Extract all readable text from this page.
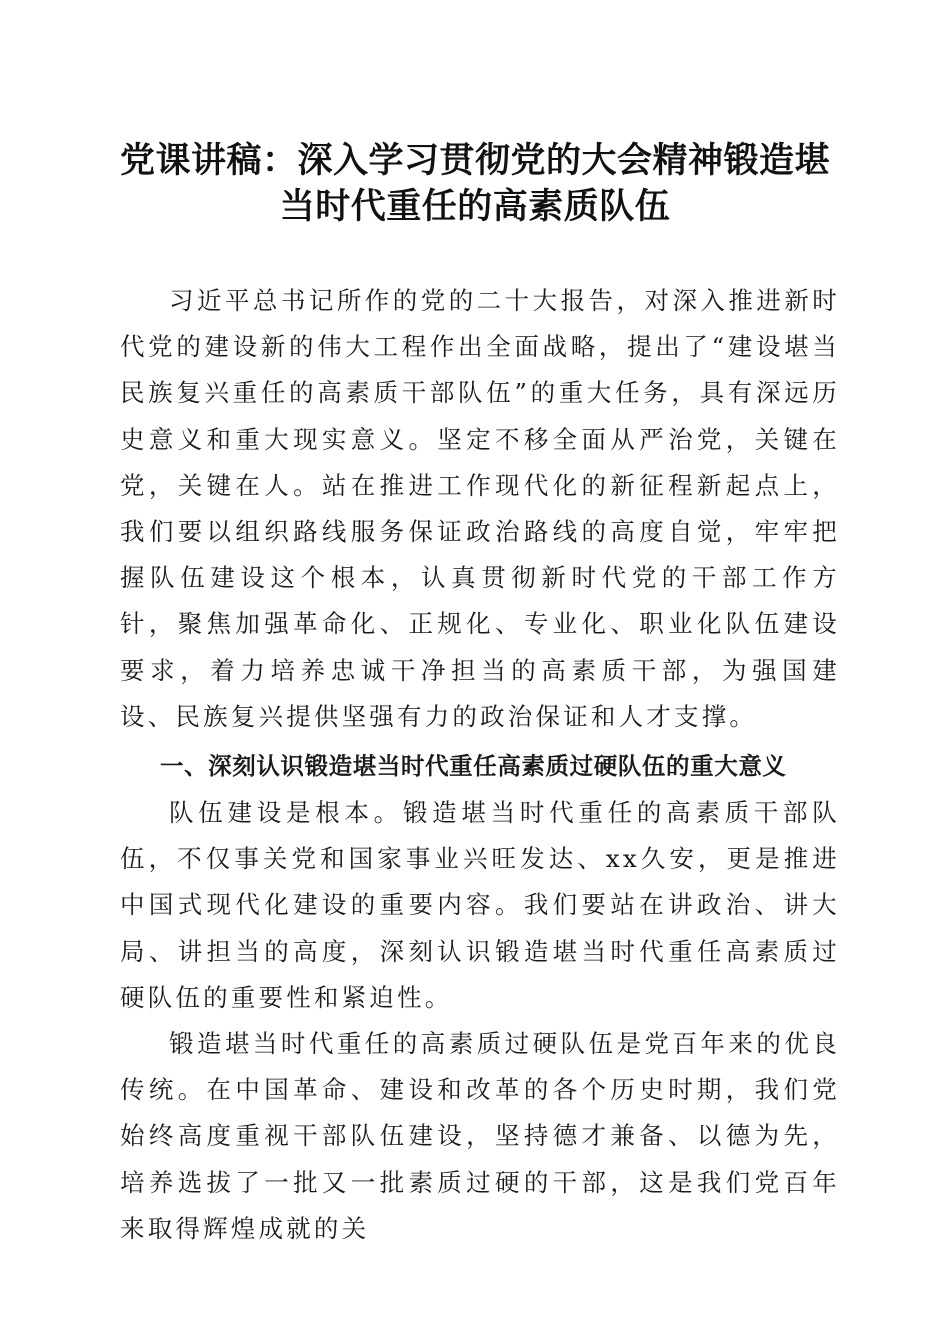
党课讲稿：深入学习贯彻党的大会精神锻造堪
当时代重任的高素质队伍

习近平总书记所作的党的二十大报告，对深入推进新时代党的建设新的伟大工程作出全面战略，提出了“建设堪当民族复兴重任的高素质干部队伍”的重大任务，具有深远历史意义和重大现实意义。坚定不移全面从严治党，关键在党，关键在人。站在推进工作现代化的新征程新起点上，我们要以组织路线服务保证政治路线的高度自觉，牢牢把握队伍建设这个根本，认真贯彻新时代党的干部工作方针，聚焦加强革命化、正规化、专业化、职业化队伍建设要求，着力培养忠诚干净担当的高素质干部，为强国建设、民族复兴提供坚强有力的政治保证和人才支撑。

一、深刻认识锻造堪当时代重任高素质过硬队伍的重大意义

队伍建设是根本。锻造堪当时代重任的高素质干部队伍，不仅事关党和国家事业兴旺发达、xx久安，更是推进中国式现代化建设的重要内容。我们要站在讲政治、讲大局、讲担当的高度，深刻认识锻造堪当时代重任高素质过硬队伍的重要性和紧迫性。

锻造堪当时代重任的高素质过硬队伍是党百年来的优良传统。在中国革命、建设和改革的各个历史时期，我们党始终高度重视干部队伍建设，坚持德才兼备、以德为先，培养选拔了一批又一批素质过硬的干部，这是我们党百年来取得辉煌成就的关
